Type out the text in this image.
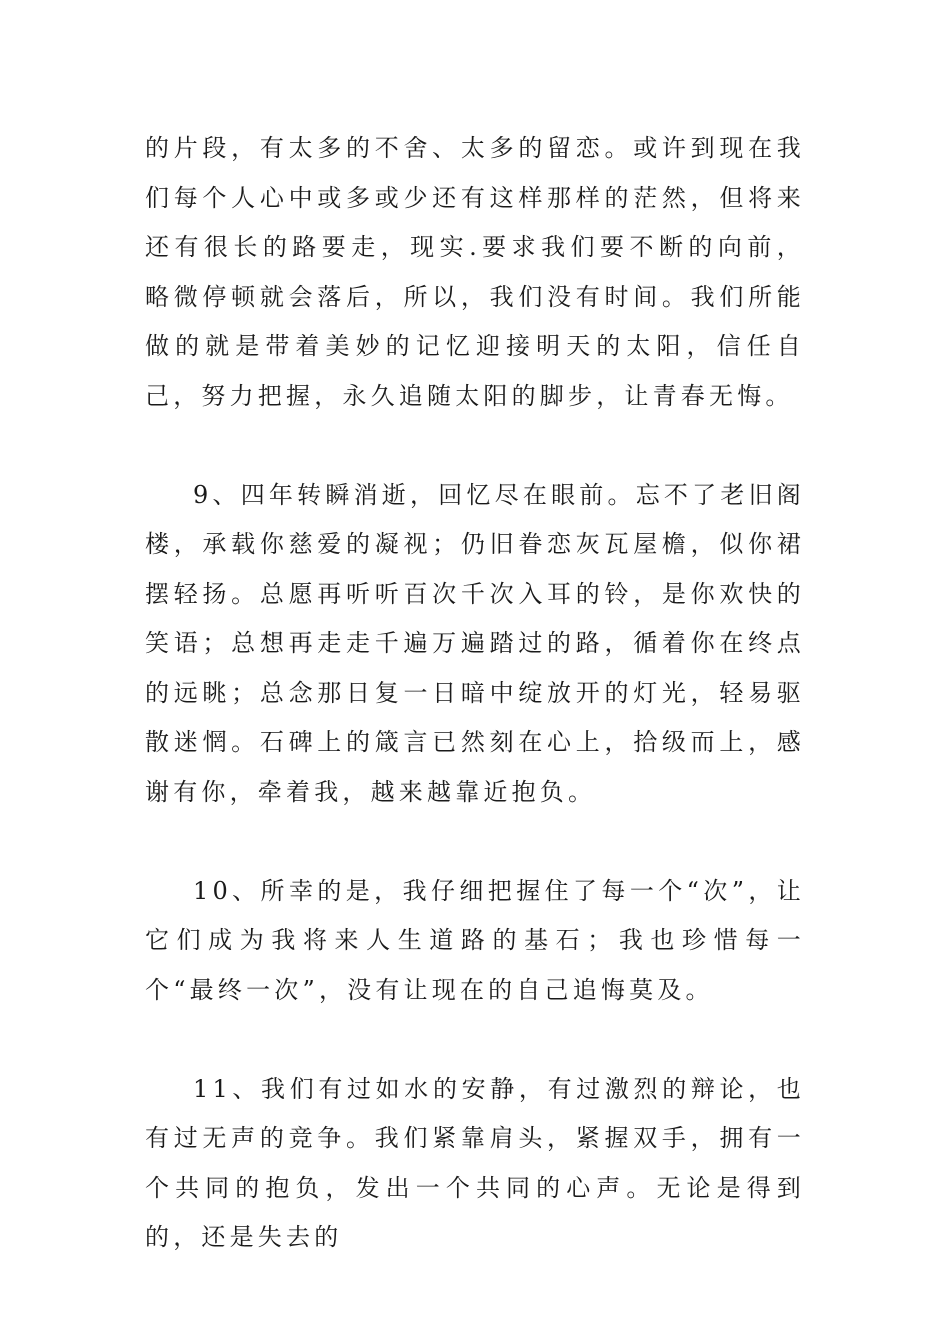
的片段，有太多的不舍、太多的留恋。或许到现在我们每个人心中或多或少还有这样那样的茫然，但将来还有很长的路要走，现实.要求我们要不断的向前，略微停顿就会落后，所以，我们没有时间。我们所能做的就是带着美妙的记忆迎接明天的太阳，信任自己，努力把握，永久追随太阳的脚步，让青春无悔。

9、四年转瞬消逝，回忆尽在眼前。忘不了老旧阁楼，承载你慈爱的凝视；仍旧眷恋灰瓦屋檐，似你裙摆轻扬。总愿再听听百次千次入耳的铃，是你欢快的笑语；总想再走走千遍万遍踏过的路，循着你在终点的远眺；总念那日复一日暗中绽放开的灯光，轻易驱散迷惘。石碑上的箴言已然刻在心上，拾级而上，感谢有你，牵着我，越来越靠近抱负。

10、所幸的是，我仔细把握住了每一个“次”，让它们成为我将来人生道路的基石；我也珍惜每一个“最终一次”，没有让现在的自己追悔莫及。

11、我们有过如水的安静，有过激烈的辩论，也有过无声的竞争。我们紧靠肩头，紧握双手，拥有一个共同的抱负，发出一个共同的心声。无论是得到的，还是失去的
